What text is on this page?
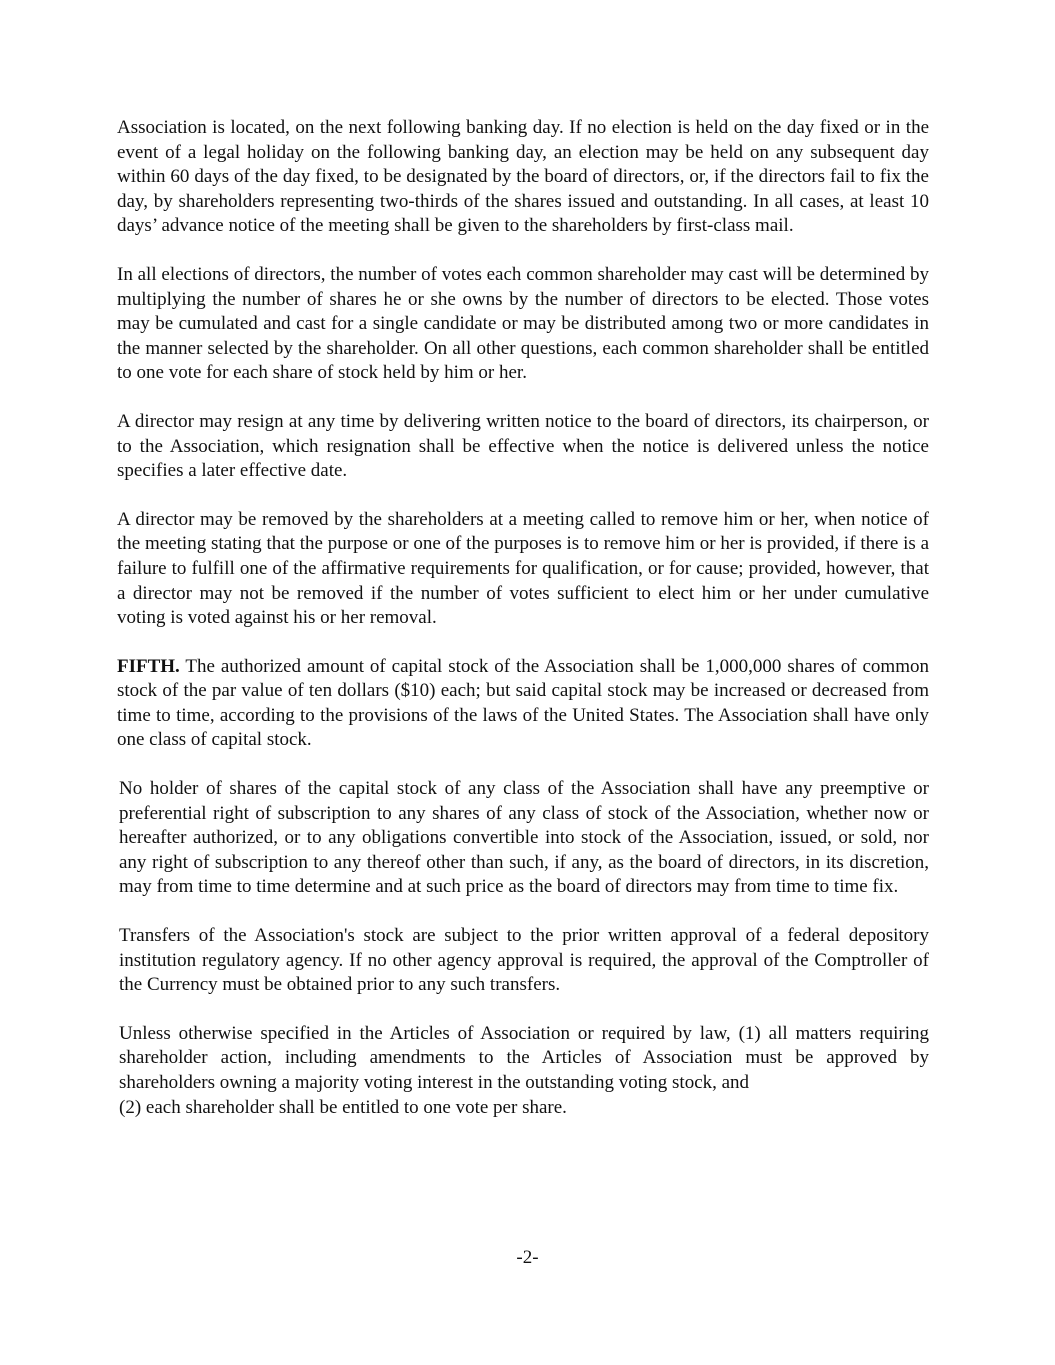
Association is located, on the next following banking day. If no election is held on the day fixed or in the event of a legal holiday on the following banking day, an election may be held on any subsequent day within 60 days of the day fixed, to be designated by the board of directors, or, if the directors fail to fix the day, by shareholders representing two-thirds of the shares issued and outstanding. In all cases, at least 10 days’ advance notice of the meeting shall be given to the shareholders by first-class mail.

In all elections of directors, the number of votes each common shareholder may cast will be determined by multiplying the number of shares he or she owns by the number of directors to be elected. Those votes may be cumulated and cast for a single candidate or may be distributed among two or more candidates in the manner selected by the shareholder. On all other questions, each common shareholder shall be entitled to one vote for each share of stock held by him or her.

A director may resign at any time by delivering written notice to the board of directors, its chairperson, or to the Association, which resignation shall be effective when the notice is delivered unless the notice specifies a later effective date.

A director may be removed by the shareholders at a meeting called to remove him or her, when notice of the meeting stating that the purpose or one of the purposes is to remove him or her is provided, if there is a failure to fulfill one of the affirmative requirements for qualification, or for cause; provided, however, that a director may not be removed if the number of votes sufficient to elect him or her under cumulative voting is voted against his or her removal.

FIFTH. The authorized amount of capital stock of the Association shall be 1,000,000 shares of common stock of the par value of ten dollars ($10) each; but said capital stock may be increased or decreased from time to time, according to the provisions of the laws of the United States. The Association shall have only one class of capital stock.

No holder of shares of the capital stock of any class of the Association shall have any preemptive or preferential right of subscription to any shares of any class of stock of the Association, whether now or hereafter authorized, or to any obligations convertible into stock of the Association, issued, or sold, nor any right of subscription to any thereof other than such, if any, as the board of directors, in its discretion, may from time to time determine and at such price as the board of directors may from time to time fix.

Transfers of the Association's stock are subject to the prior written approval of a federal depository institution regulatory agency. If no other agency approval is required, the approval of the Comptroller of the Currency must be obtained prior to any such transfers.

Unless otherwise specified in the Articles of Association or required by law, (1) all matters requiring shareholder action, including amendments to the Articles of Association must be approved by shareholders owning a majority voting interest in the outstanding voting stock, and
(2) each shareholder shall be entitled to one vote per share.

-2-
